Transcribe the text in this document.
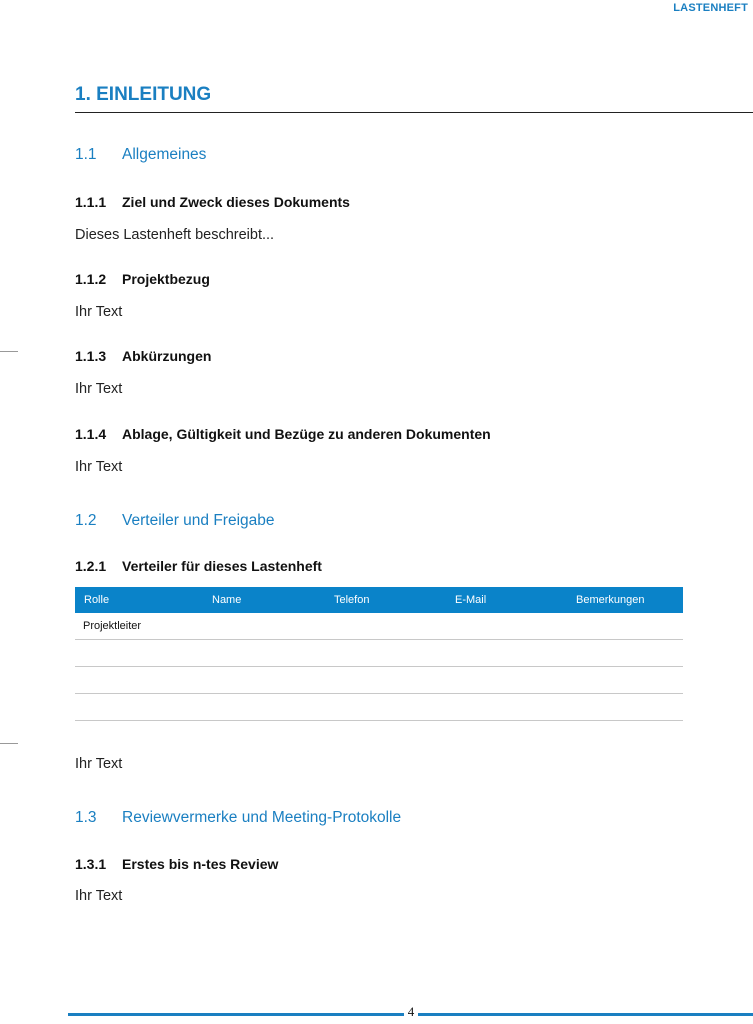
LASTENHEFT
1. EINLEITUNG
1.1 Allgemeines
1.1.1 Ziel und Zweck dieses Dokuments
Dieses Lastenheft beschreibt...
1.1.2 Projektbezug
Ihr Text
1.1.3 Abkürzungen
Ihr Text
1.1.4 Ablage, Gültigkeit und Bezüge zu anderen Dokumenten
Ihr Text
1.2 Verteiler und Freigabe
1.2.1 Verteiler für dieses Lastenheft
Rolle	Name	Telefon	E-Mail	Bemerkungen
Projektleiter
Ihr Text
1.3 Reviewvermerke und Meeting-Protokolle
1.3.1 Erstes bis n-tes Review
Ihr Text
4
